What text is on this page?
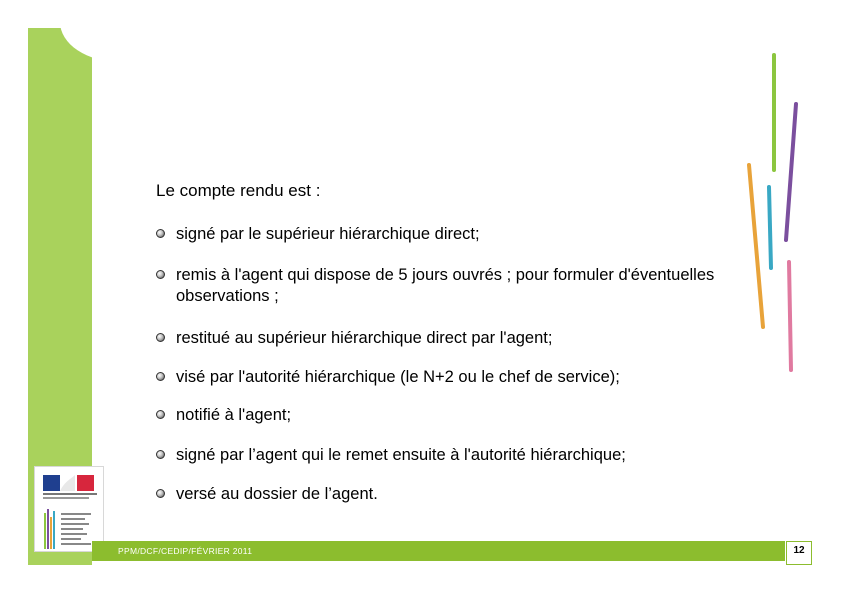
Le compte rendu est :
signé par le supérieur hiérarchique direct;
remis à l'agent qui dispose de 5 jours ouvrés ; pour formuler d'éventuelles observations ;
restitué au supérieur hiérarchique direct par l'agent;
visé par l'autorité hiérarchique (le N+2 ou le chef de service);
notifié à l'agent;
signé par l’agent qui le remet ensuite à l'autorité hiérarchique;
versé au dossier de l’agent.
PPM/DCF/CEDIP/FÉVRIER 2011	12
